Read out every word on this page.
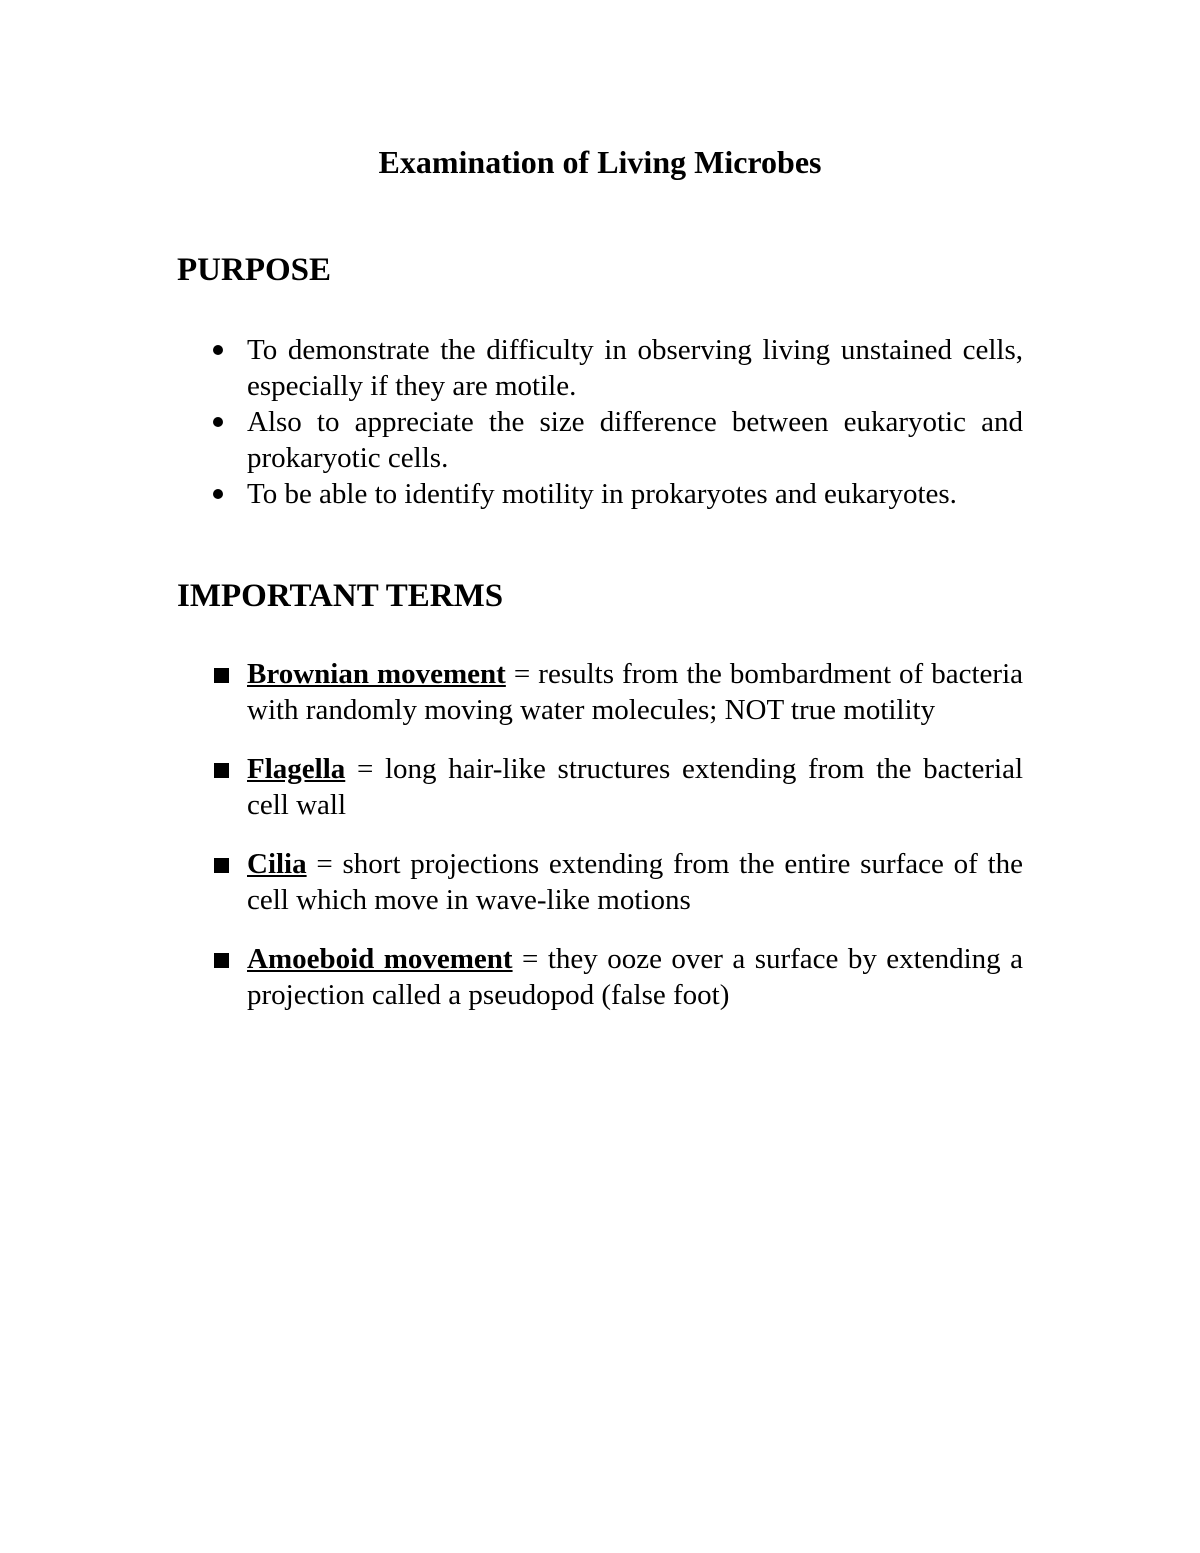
Examination of Living Microbes
PURPOSE
To demonstrate the difficulty in observing living unstained cells, especially if they are motile.
Also to appreciate the size difference between eukaryotic and prokaryotic cells.
To be able to identify motility in prokaryotes and eukaryotes.
IMPORTANT TERMS
Brownian movement = results from the bombardment of bacteria with randomly moving water molecules; NOT true motility
Flagella = long hair-like structures extending from the bacterial cell wall
Cilia = short projections extending from the entire surface of the cell which move in wave-like motions
Amoeboid movement = they ooze over a surface by extending a projection called a pseudopod (false foot)
